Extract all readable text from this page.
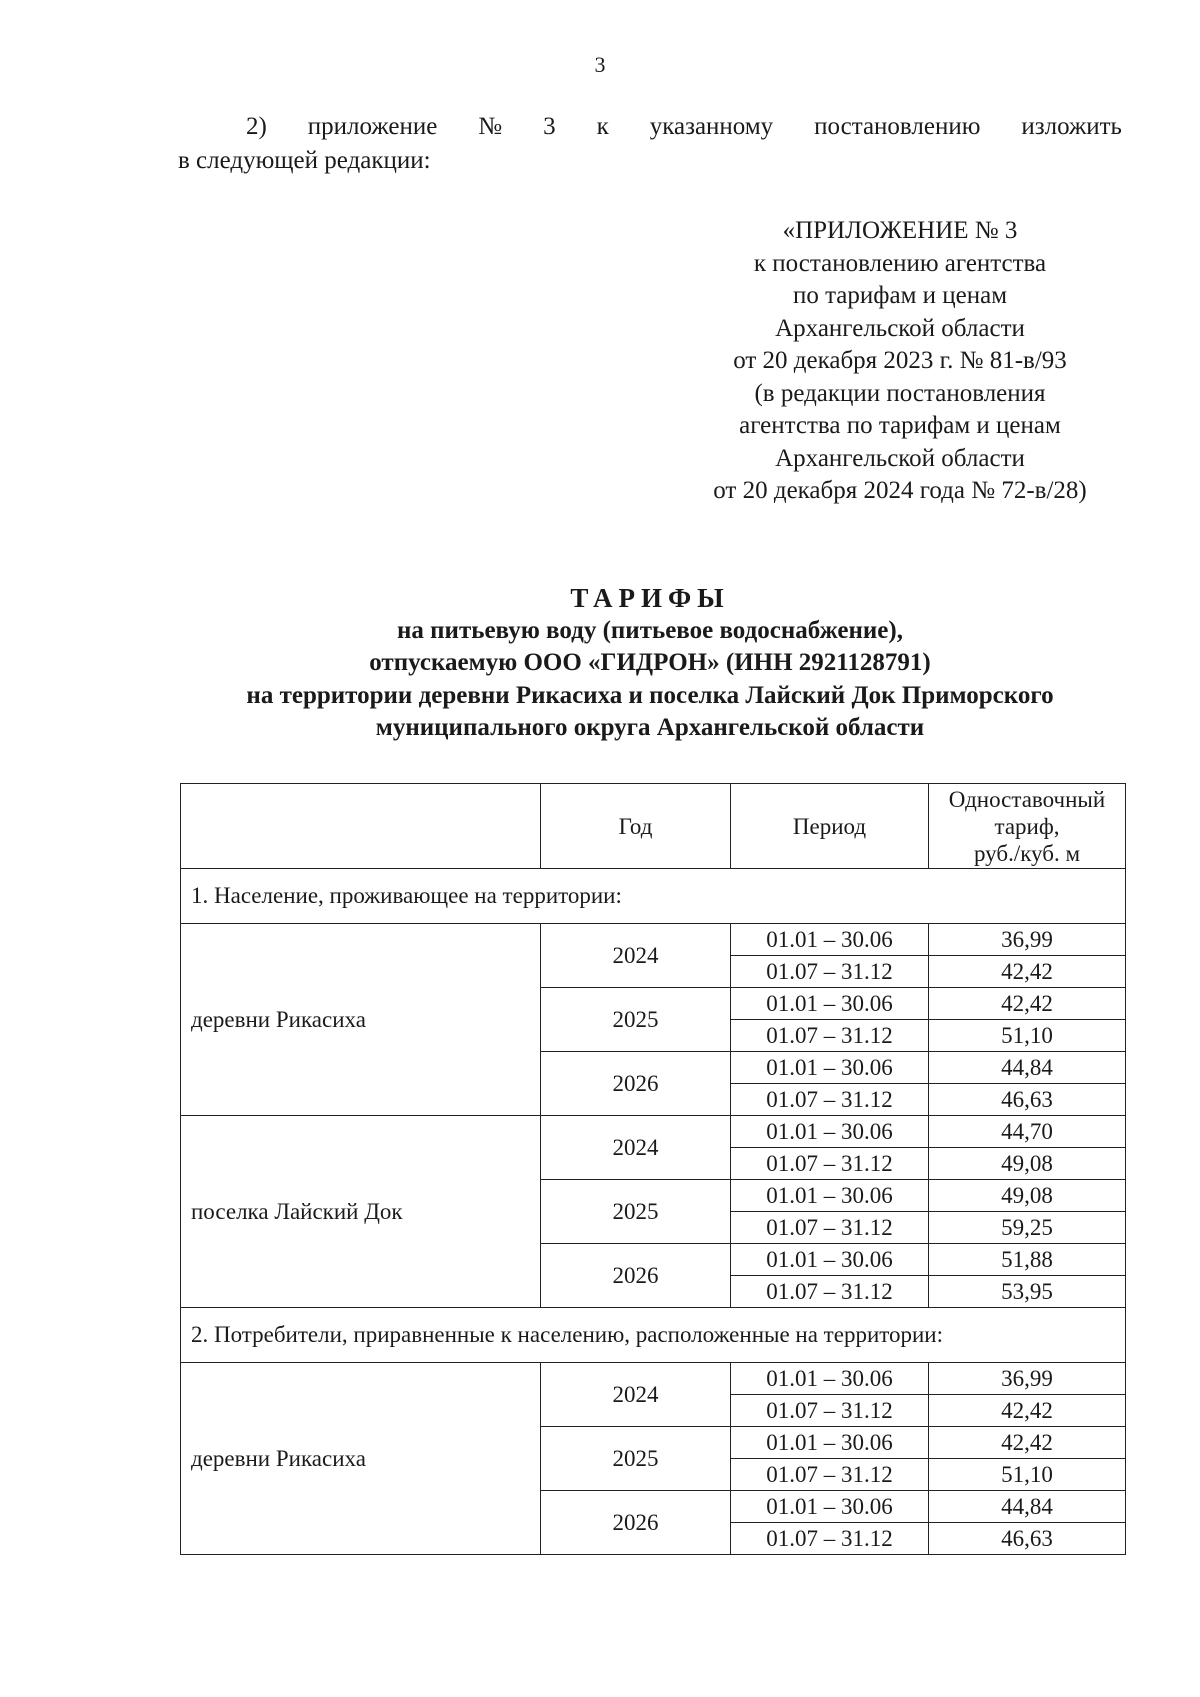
3
2) приложение № 3 к указанному постановлению изложить
в следующей редакции:
«ПРИЛОЖЕНИЕ № 3
к постановлению агентства
по тарифам и ценам
Архангельской области
от 20 декабря 2023 г. № 81-в/93
(в редакции постановления
агентства по тарифам и ценам
Архангельской области
от 20 декабря 2024 года № 72-в/28)
ТАРИФЫ
на питьевую воду (питьевое водоснабжение),
отпускаемую ООО «ГИДРОН» (ИНН 2921128791)
на территории деревни Рикасиха и поселка Лайский Док Приморского
муниципального округа Архангельской области
	Год	Период	Одноставочный
тариф,
руб./куб. м

1. Население, проживающее на территории:			
деревни Рикасиха	2024	01.01 – 30.06	36,99
		01.07 – 31.12	42,42
	2025	01.01 – 30.06	42,42
		01.07 – 31.12	51,10
	2026	01.01 – 30.06	44,84
		01.07 – 31.12	46,63
поселка Лайский Док	2024	01.01 – 30.06	44,70
		01.07 – 31.12	49,08
	2025	01.01 – 30.06	49,08
		01.07 – 31.12	59,25
	2026	01.01 – 30.06	51,88
		01.07 – 31.12	53,95
2. Потребители, приравненные к населению, расположенные на территории:			
деревни Рикасиха	2024	01.01 – 30.06	36,99
		01.07 – 31.12	42,42
	2025	01.01 – 30.06	42,42
		01.07 – 31.12	51,10
	2026	01.01 – 30.06	44,84
		01.07 – 31.12	46,63
